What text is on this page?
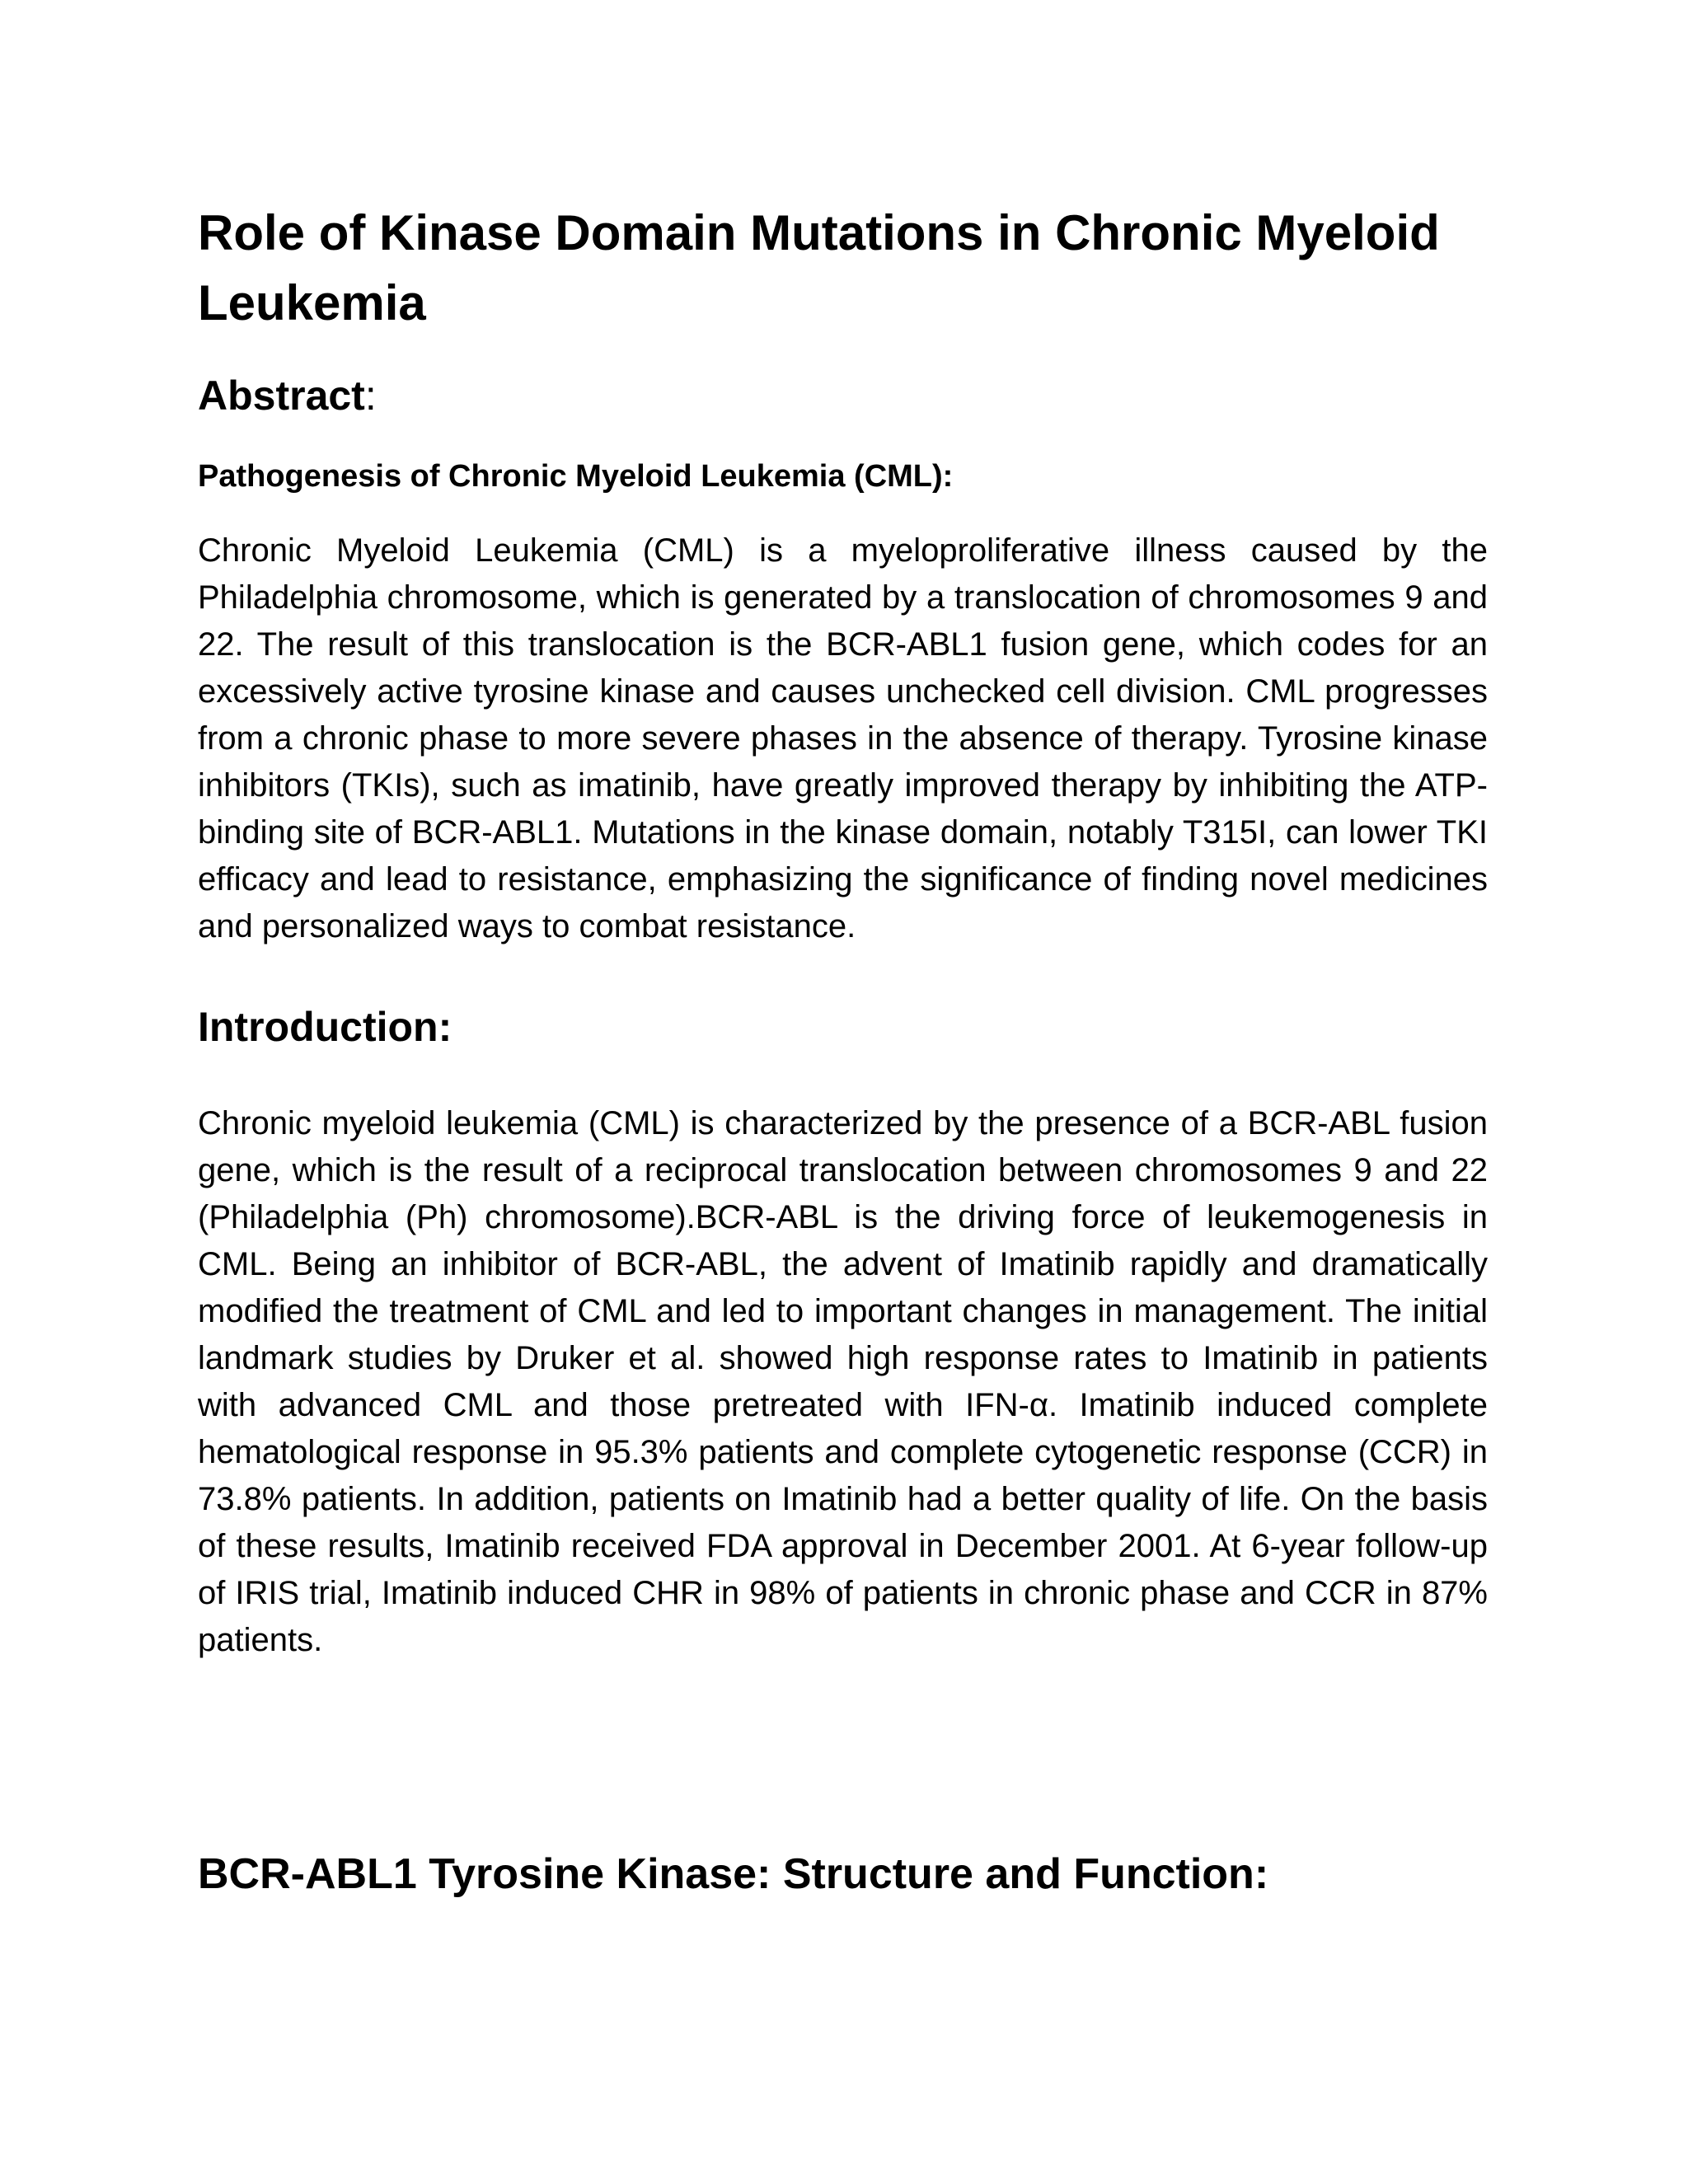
Role of Kinase Domain Mutations in Chronic Myeloid Leukemia
Abstract:
Pathogenesis of Chronic Myeloid Leukemia (CML):

Chronic Myeloid Leukemia (CML) is a myeloproliferative illness caused by the Philadelphia chromosome, which is generated by a translocation of chromosomes 9 and 22. The result of this translocation is the BCR-ABL1 fusion gene, which codes for an excessively active tyrosine kinase and causes unchecked cell division. CML progresses from a chronic phase to more severe phases in the absence of therapy. Tyrosine kinase inhibitors (TKIs), such as imatinib, have greatly improved therapy by inhibiting the ATP-binding site of BCR-ABL1. Mutations in the kinase domain, notably T315I, can lower TKI efficacy and lead to resistance, emphasizing the significance of finding novel medicines and personalized ways to combat resistance.

Introduction:

Chronic myeloid leukemia (CML) is characterized by the presence of a BCR-ABL fusion gene, which is the result of a reciprocal translocation between chromosomes 9 and 22 (Philadelphia (Ph) chromosome).BCR-ABL is the driving force of leukemogenesis in CML. Being an inhibitor of BCR-ABL, the advent of Imatinib rapidly and dramatically modified the treatment of CML and led to important changes in management. The initial landmark studies by Druker et al. showed high response rates to Imatinib in patients with advanced CML and those pretreated with IFN-α. Imatinib induced complete hematological response in 95.3% patients and complete cytogenetic response (CCR) in 73.8% patients. In addition, patients on Imatinib had a better quality of life. On the basis of these results, Imatinib received FDA approval in December 2001. At 6-year follow-up of IRIS trial, Imatinib induced CHR in 98% of patients in chronic phase and CCR in 87% patients.

BCR-ABL1 Tyrosine Kinase: Structure and Function:
